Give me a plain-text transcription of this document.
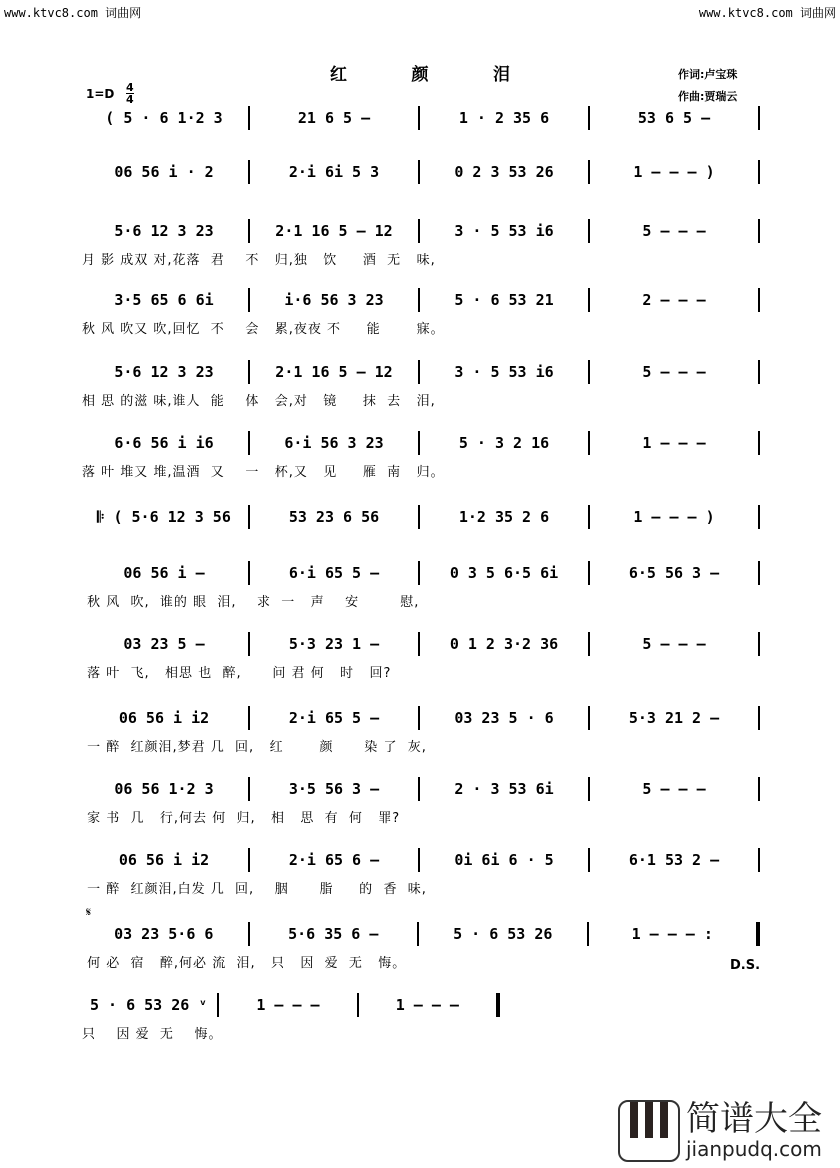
www.ktvc8.com 词曲网	www.ktvc8.com 词曲网
红	颜	泪	作词:卢宝珠
作曲:贾瑞云
1=D 4
4
( 5 · 6 1·2 3	21 6 5 –	1 · 2 35 6	53 6 5 –
06 56 i · 2	2·i 6i 5 3	0 2 3 53 26	1 – – – )
5·6 12 3 23	2·1 16 5 – 12	3 · 5 53 i6	5 – – –
月 影 成双 对,花落  君    不   归,独   饮     酒  无   味,
3·5 65 6 6i	i·6 56 3 23	5 · 6 53 21	2 – – –
秋 风 吹又 吹,回忆  不    会   累,夜夜 不     能       寐。
5·6 12 3 23	2·1 16 5 – 12	3 · 5 53 i6	5 – – –
相 思 的滋 味,谁人  能    体   会,对   镜     抹  去   泪,
6·6 56 i i6	6·i 56 3 23	5 · 3 2 16	1 – – –
落 叶 堆又 堆,温酒  又    一   杯,又   见     雁  南   归。
𝄆 ( 5·6 12 3 56	53 23 6 56	1·2 35 2 6	1 – – – )
06 56 i –	6·i 65 5 –	0 3 5 6·5 6i	6·5 56 3 –
秋 风  吹,  谁的 眼  泪,    求  一   声    安        慰,
03 23 5 –	5·3 23 1 –	0 1 2 3·2 36	5 – – –
落 叶  飞,   相思 也  醉,      问 君 何   时   回?
06 56 i i2	2·i 65 5 –	03 23 5 · 6	5·3 21 2 –
一 醉  红颜泪,梦君 几  回,   红       颜      染 了  灰,
06 56 1·2 3	3·5 56 3 –	2 · 3 53 6i	5 – – –
家 书  几   行,何去 何  归,   相   思  有  何   罪?
06 56 i i2	2·i 65 6 –	0i 6i 6 · 5	6·1 53 2 –
一 醉  红颜泪,白发 几  回,    胭      脂     的  香  味,
03 23 5·6 6	5·6 35 6 –	5 · 6 53 26	1 – – – :
何 必  宿   醉,何必 流  泪,   只   因  爱  无   悔。
5 · 6 53 26 ᵛ	1 – – –	1 – – –
只    因 爱  无    悔。
𝄋
D.S.
简谱大全
jianpudq.com
